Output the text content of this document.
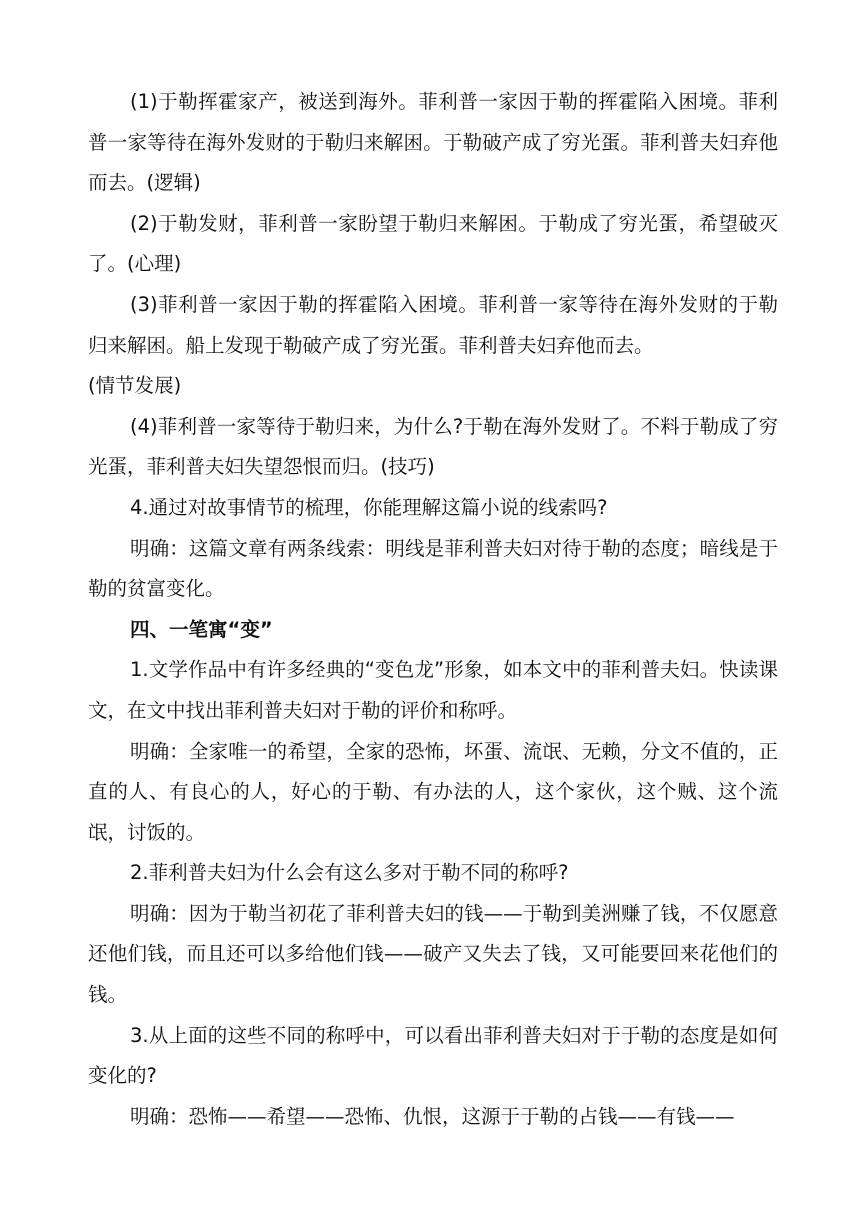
(1)于勒挥霍家产，被送到海外。菲利普一家因于勒的挥霍陷入困境。菲利普一家等待在海外发财的于勒归来解困。于勒破产成了穷光蛋。菲利普夫妇弃他而去。(逻辑)

(2)于勒发财，菲利普一家盼望于勒归来解困。于勒成了穷光蛋，希望破灭了。(心理)

(3)菲利普一家因于勒的挥霍陷入困境。菲利普一家等待在海外发财的于勒归来解困。船上发现于勒破产成了穷光蛋。菲利普夫妇弃他而去。

(情节发展)

(4)菲利普一家等待于勒归来，为什么?于勒在海外发财了。不料于勒成了穷光蛋，菲利普夫妇失望怨恨而归。(技巧)

4.通过对故事情节的梳理，你能理解这篇小说的线索吗?

明确：这篇文章有两条线索：明线是菲利普夫妇对待于勒的态度；暗线是于勒的贫富变化。

四、一笔寓“变”

1.文学作品中有许多经典的“变色龙”形象，如本文中的菲利普夫妇。快读课文，在文中找出菲利普夫妇对于勒的评价和称呼。

明确：全家唯一的希望，全家的恐怖，坏蛋、流氓、无赖，分文不值的，正直的人、有良心的人，好心的于勒、有办法的人，这个家伙，这个贼、这个流氓，讨饭的。

2.菲利普夫妇为什么会有这么多对于勒不同的称呼?

明确：因为于勒当初花了菲利普夫妇的钱——于勒到美洲赚了钱，不仅愿意还他们钱，而且还可以多给他们钱——破产又失去了钱，又可能要回来花他们的钱。

3.从上面的这些不同的称呼中，可以看出菲利普夫妇对于于勒的态度是如何变化的?

明确：恐怖——希望——恐怖、仇恨，这源于于勒的占钱——有钱——
